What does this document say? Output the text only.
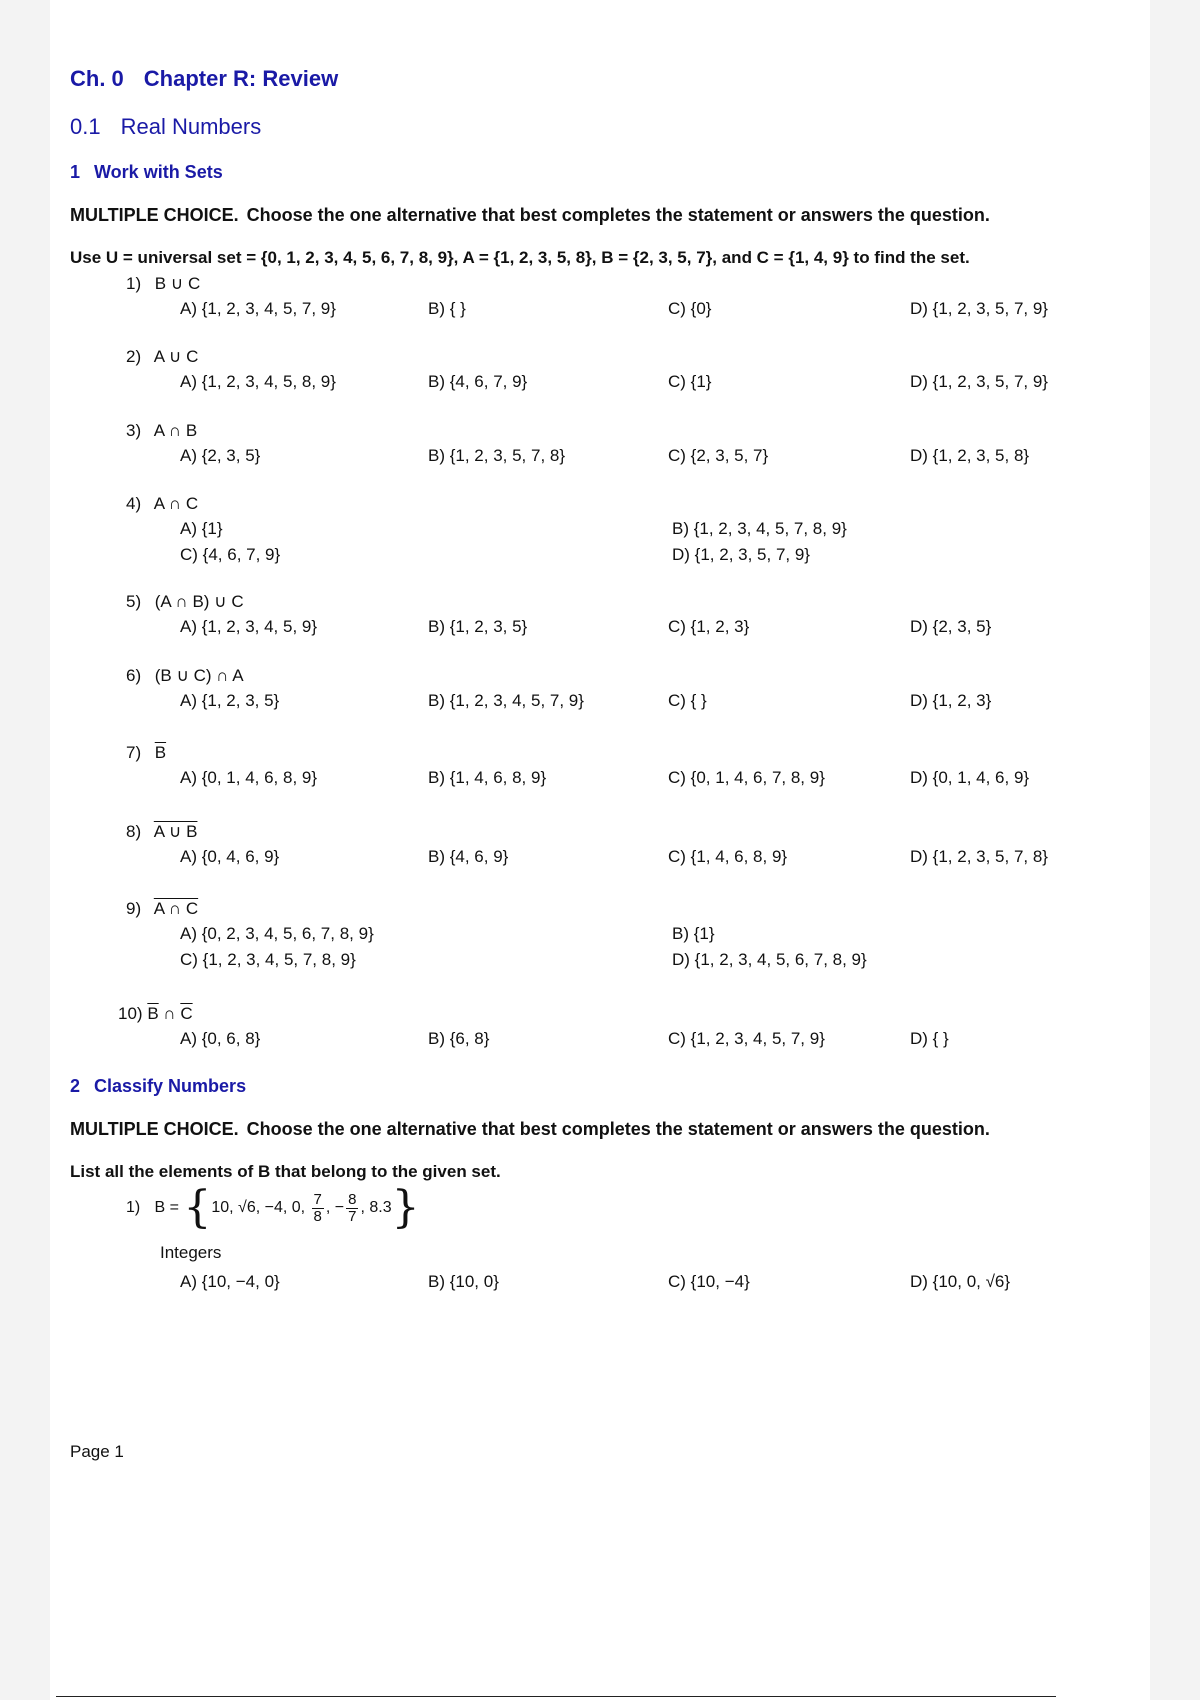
Ch. 0 Chapter R: Review
0.1 Real Numbers
1 Work with Sets
MULTIPLE CHOICE. Choose the one alternative that best completes the statement or answers the question.
Use U = universal set = {0, 1, 2, 3, 4, 5, 6, 7, 8, 9}, A = {1, 2, 3, 5, 8}, B = {2, 3, 5, 7}, and C = {1, 4, 9} to find the set.
1) B ∪ C
A) {1, 2, 3, 4, 5, 7, 9}	B) { }	C) {0}	D) {1, 2, 3, 5, 7, 9}
2) A ∪ C
A) {1, 2, 3, 4, 5, 8, 9}	B) {4, 6, 7, 9}	C) {1}	D) {1, 2, 3, 5, 7, 9}
3) A ∩ B
A) {2, 3, 5}	B) {1, 2, 3, 5, 7, 8}	C) {2, 3, 5, 7}	D) {1, 2, 3, 5, 8}
4) A ∩ C
A) {1}	B) {1, 2, 3, 4, 5, 7, 8, 9}
C) {4, 6, 7, 9}	D) {1, 2, 3, 5, 7, 9}
5) (A ∩ B) ∪ C
A) {1, 2, 3, 4, 5, 9}	B) {1, 2, 3, 5}	C) {1, 2, 3}	D) {2, 3, 5}
6) (B ∪ C) ∩ A
A) {1, 2, 3, 5}	B) {1, 2, 3, 4, 5, 7, 9}	C) { }	D) {1, 2, 3}
7) $\overline{B}$
A) {0, 1, 4, 6, 8, 9}	B) {1, 4, 6, 8, 9}	C) {0, 1, 4, 6, 7, 8, 9}	D) {0, 1, 4, 6, 9}
8) A ∪ B
A) {0, 4, 6, 9}	B) {4, 6, 9}	C) {1, 4, 6, 8, 9}	D) {1, 2, 3, 5, 7, 8}
9) A ∩ C
A) {0, 2, 3, 4, 5, 6, 7, 8, 9}	B) {1}
C) {1, 2, 3, 4, 5, 7, 8, 9}	D) {1, 2, 3, 4, 5, 6, 7, 8, 9}
10) $\overline{B}$ ∩ $\overline{C}$
A) {0, 6, 8}	B) {6, 8}	C) {1, 2, 3, 4, 5, 7, 9}	D) { }
2 Classify Numbers
MULTIPLE CHOICE. Choose the one alternative that best completes the statement or answers the question.
List all the elements of B that belong to the given set.
1) B = {10, √6, −4, 0, $\frac{7}{8}$ , − $\frac{8}{7}$ , 8.3}
Integers
A) {10, −4, 0}	B) {10, 0}	C) {10, −4}	D) {10, 0, √6}
Page 1
